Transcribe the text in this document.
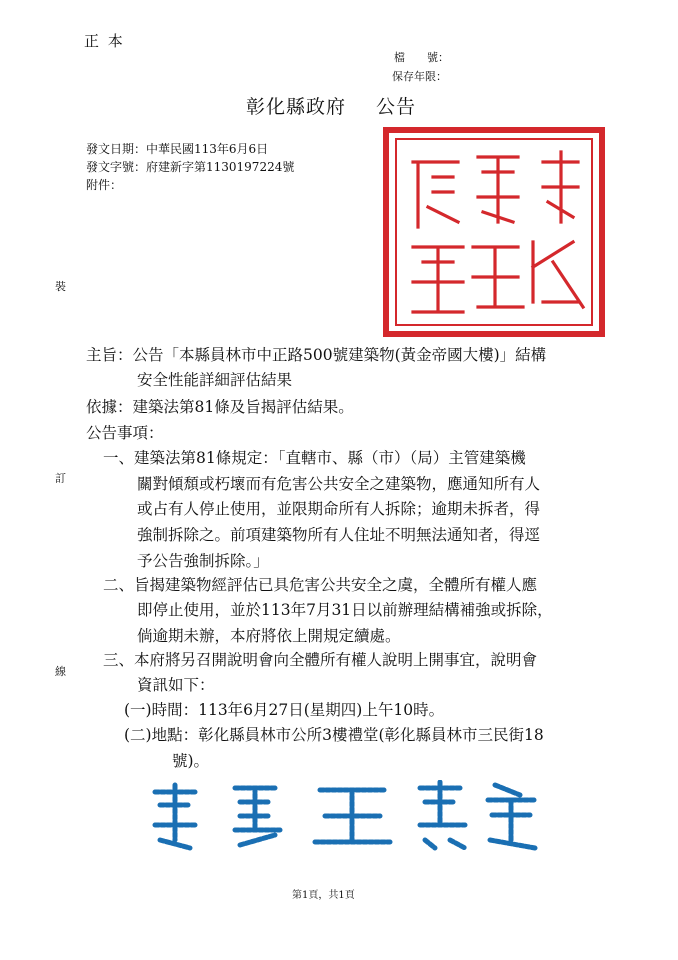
正 本
檔　　號：
保存年限：
彰化縣政府 公告
發文日期：中華民國113年6月6日
發文字號：府建新字第1130197224號
附件：
裝
訂
線
主旨：公告「本縣員林市中正路500號建築物(黃金帝國大樓)」結構
安全性能詳細評估結果
依據：建築法第81條及旨揭評估結果。
公告事項：
一、建築法第81條規定：「直轄市、縣（市）（局）主管建築機
關對傾頹或朽壞而有危害公共安全之建築物，應通知所有人
或占有人停止使用，並限期命所有人拆除；逾期未拆者，得
強制拆除之。前項建築物所有人住址不明無法通知者，得逕
予公告強制拆除。」
二、旨揭建築物經評估已具危害公共安全之虞，全體所有權人應
即停止使用，並於113年7月31日以前辦理結構補強或拆除，
倘逾期未辦，本府將依上開規定續處。
三、本府將另召開說明會向全體所有權人說明上開事宜，說明會
資訊如下：
(一)時間：113年6月27日(星期四)上午10時。
(二)地點：彰化縣員林市公所3樓禮堂(彰化縣員林市三民街18
號)。
第1頁，共1頁
